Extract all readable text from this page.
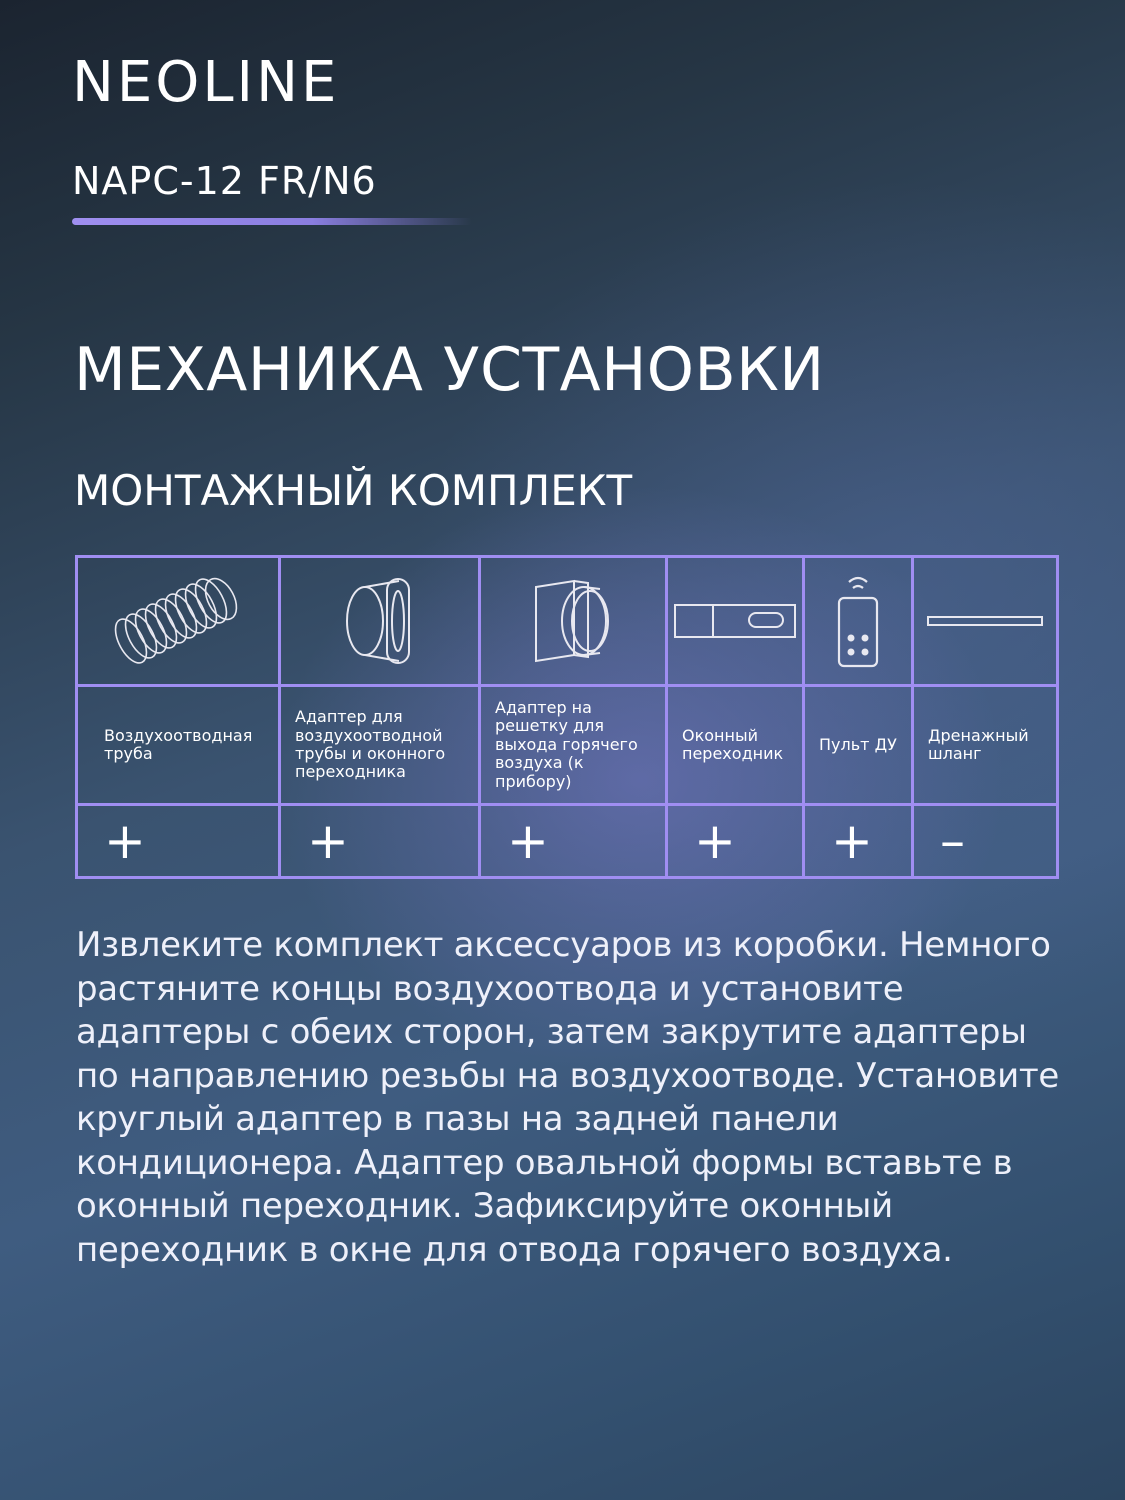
NEOLINE
NAPC-12 FR/N6
МЕХАНИКА УСТАНОВКИ
МОНТАЖНЫЙ КОМПЛЕКТ

Воздухоотводная труба	Адаптер для воздухоотводной трубы и оконного переходника	Адаптер на решетку для выхода горячего воздуха (к прибору)	Оконный переходник	Пульт ДУ	Дренажный шланг
+	+	+	+	+	–

Извлеките комплект аксессуаров из коробки. Немного растяните концы воздухоотвода и установите адаптеры с обеих сторон, затем закрутите адаптеры по направлению резьбы на воздухоотводе. Установите круглый адаптер в пазы на задней панели кондиционера. Адаптер овальной формы вставьте в оконный переходник. Зафиксируйте оконный переходник в окне для отвода горячего воздуха.
